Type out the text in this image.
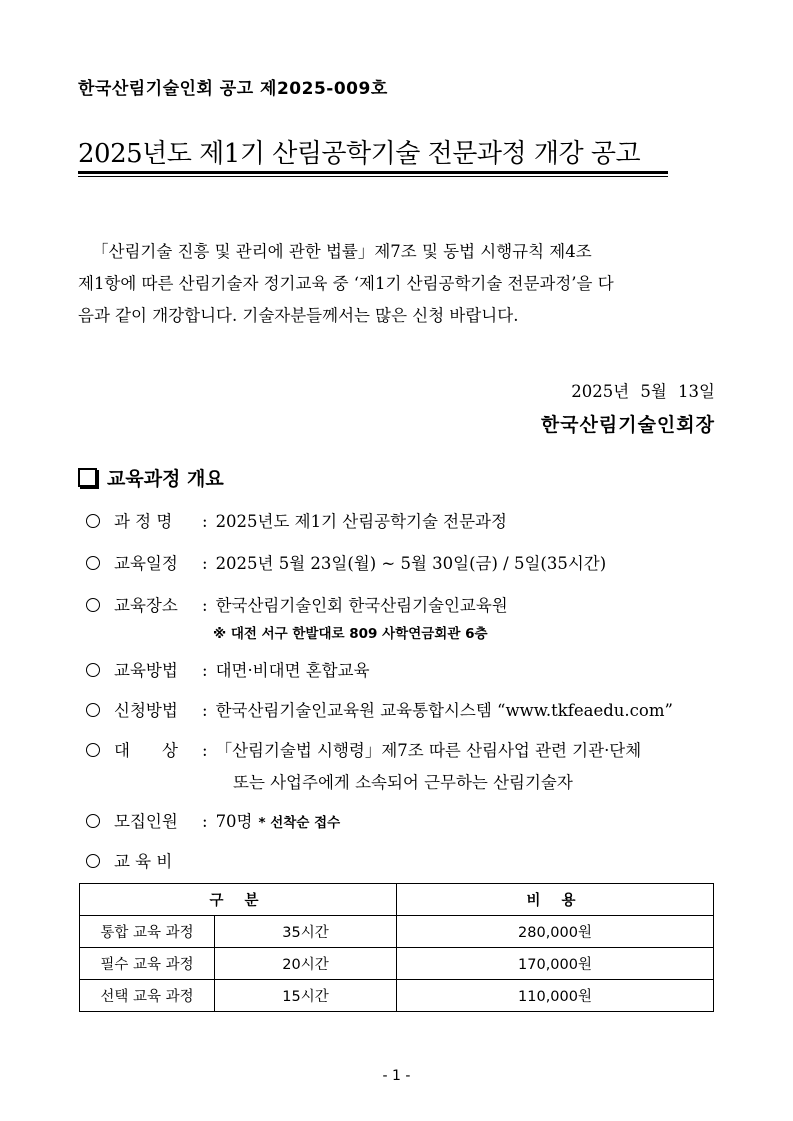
한국산림기술인회 공고 제2025-009호
2025년도 제1기 산림공학기술 전문과정 개강 공고

「산림기술 진흥 및 관리에 관한 법률」제7조 및 동법 시행규칙 제4조

제1항에 따른 산림기술자 정기교육 중 ‘제1기 산림공학기술 전문과정’을 다

음과 같이 개강합니다. 기술자분들께서는 많은 신청 바랍니다.

2025년 5월 13일
한국산림기술인회장
교육과정 개요
과 정 명	: 2025년도 제1기 산림공학기술 전문과정
교육일정	: 2025년 5월 23일(월) ~ 5월 30일(금) / 5일(35시간)
교육장소	: 한국산림기술인회 한국산림기술인교육원
※ 대전 서구 한발대로 809 사학연금회관 6층
교육방법	: 대면·비대면 혼합교육
신청방법	: 한국산림기술인교육원 교육통합시스템 “www.tkfeaedu.com”
대 상	: 「산림기술법 시행령」제7조 따른 산림사업 관련 기관·단체
또는 사업주에게 소속되어 근무하는 산림기술자
모집인원	: 70명 * 선착순 접수
교 육 비
구 분		비 용
통합 교육 과정	35시간	280,000원
필수 교육 과정	20시간	170,000원
선택 교육 과정	15시간	110,000원
- 1 -
